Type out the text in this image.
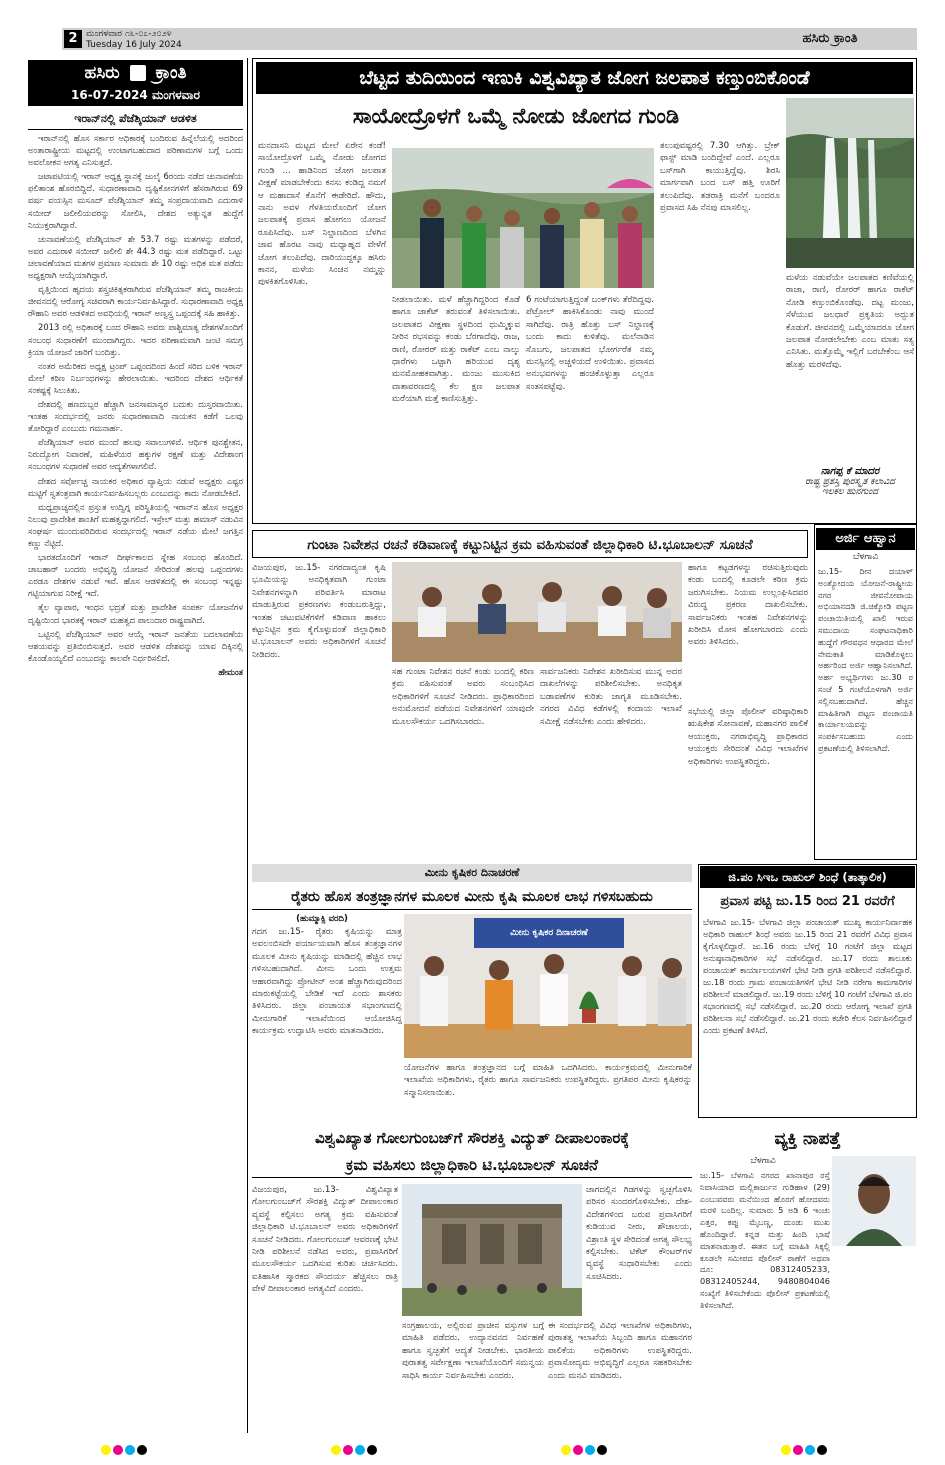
2 ಮಂಗಳವಾರ ೧೬-೦೭-೨೦೨೪
Tuesday 16 July 2024	ಹಸಿರು ಕ್ರಾಂತಿ
ಹಸಿರು ಕ್ರಾಂತಿ
16-07-2024 ಮಂಗಳವಾರ
ಇರಾನ್‌ನಲ್ಲಿ ಪೆಜೆಶ್ಕಿಯಾನ್ ಆಡಳಿತ

ಇರಾನ್‌ನಲ್ಲಿ ಹೊಸ ಸರ್ಕಾರ ಅಧಿಕಾರಕ್ಕೆ ಬಂದಿರುವ ಹಿನ್ನೆಲೆಯಲ್ಲಿ ಅದರಿಂದ ಅಂತಾರಾಷ್ಟ್ರೀಯ ಮಟ್ಟದಲ್ಲಿ ಉಂಟಾಗಬಹುದಾದ ಪರಿಣಾಮಗಳ ಬಗ್ಗೆ ಒಂದು ಅವಲೋಕನ ಅಗತ್ಯ ಎನಿಸುತ್ತದೆ.

ಜಟಾಪಟಿಯಲ್ಲಿ ಇರಾನ್ ಅಧ್ಯಕ್ಷ ಸ್ಥಾನಕ್ಕೆ ಜುಲೈ 6ರಂದು ನಡೆದ ಚುನಾವಣೆಯ ಫಲಿತಾಂಶ ಹೊರಬಿದ್ದಿದೆ. ಸುಧಾರಣಾವಾದಿ ದೃಷ್ಟಿಕೋನಗಳಿಗೆ ಹೆಸರಾಗಿರುವ 69 ವರ್ಷ ವಯಸ್ಸಿನ ಮಸೂದ್ ಪೆಜೆಶ್ಕಿಯಾನ್ ತಮ್ಮ ಸಂಪ್ರದಾಯವಾದಿ ಎದುರಾಳಿ ಸಯೀದ್ ಜಲೀಲಿಯವರನ್ನು ಸೋಲಿಸಿ, ದೇಶದ ಅತ್ಯುನ್ನತ ಹುದ್ದೆಗೆ ನಿಯುಕ್ತರಾಗಿದ್ದಾರೆ.

ಚುನಾವಣೆಯಲ್ಲಿ ಪೆಜೆಶ್ಕಿಯಾನ್ ಶೇ 53.7 ರಷ್ಟು ಮತಗಳನ್ನು ಪಡೆದರೆ, ಅವರ ಎದುರಾಳಿ ಸಯೀದ್ ಜಲೀಲಿ ಶೇ 44.3 ರಷ್ಟು ಮತ ಪಡೆದಿದ್ದಾರೆ. ಒಟ್ಟು ಚಲಾವಣೆಯಾದ ಮತಗಳ ಪ್ರಮಾಣ ಸುಮಾರು ಶೇ 10 ರಷ್ಟು ಅಧಿಕ ಮತ ಪಡೆದು ಅಧ್ಯಕ್ಷರಾಗಿ ಆಯ್ಕೆಯಾಗಿದ್ದಾರೆ.

ವೃತ್ತಿಯಿಂದ ಹೃದಯ ಶಸ್ತ್ರಚಿಕಿತ್ಸಕರಾಗಿರುವ ಪೆಜೆಶ್ಕಿಯಾನ್ ತಮ್ಮ ರಾಜಕೀಯ ಜೀವನದಲ್ಲಿ ಆರೋಗ್ಯ ಸಚಿವರಾಗಿ ಕಾರ್ಯನಿರ್ವಹಿಸಿದ್ದಾರೆ. ಸುಧಾರಣಾವಾದಿ ಅಧ್ಯಕ್ಷ ರೌಹಾನಿ ಅವರ ಆಡಳಿತದ ಅವಧಿಯಲ್ಲಿ ಇರಾನ್ ಅಣ್ವಸ್ತ್ರ ಒಪ್ಪಂದಕ್ಕೆ ಸಹಿ ಹಾಕಿತ್ತು.

2013 ರಲ್ಲಿ ಅಧಿಕಾರಕ್ಕೆ ಬಂದ ರೌಹಾನಿ ಅವರು ಪಾಶ್ಚಿಮಾತ್ಯ ದೇಶಗಳೊಂದಿಗೆ ಸಂಬಂಧ ಸುಧಾರಣೆಗೆ ಮುಂದಾಗಿದ್ದರು. ಇದರ ಪರಿಣಾಮವಾಗಿ ಜಂಟಿ ಸಮಗ್ರ ಕ್ರಿಯಾ ಯೋಜನೆ ಜಾರಿಗೆ ಬಂದಿತ್ತು.

ನಂತರ ಅಮೆರಿಕದ ಅಧ್ಯಕ್ಷ ಟ್ರಂಪ್ ಒಪ್ಪಂದದಿಂದ ಹಿಂದೆ ಸರಿದ ಬಳಿಕ ಇರಾನ್ ಮೇಲೆ ಕಠಿಣ ನಿರ್ಬಂಧಗಳನ್ನು ಹೇರಲಾಯಿತು. ಇದರಿಂದ ದೇಶದ ಆರ್ಥಿಕತೆ ಸಂಕಷ್ಟಕ್ಕೆ ಸಿಲುಕಿತು.

ದೇಶದಲ್ಲಿ ಹಣದುಬ್ಬರ ಹೆಚ್ಚಾಗಿ ಜನಸಾಮಾನ್ಯರ ಬದುಕು ದುಸ್ತರವಾಯಿತು. ಇಂತಹ ಸಂದರ್ಭದಲ್ಲಿ ಜನರು ಸುಧಾರಣಾವಾದಿ ನಾಯಕನ ಕಡೆಗೆ ಒಲವು ತೋರಿದ್ದಾರೆ ಎಂಬುದು ಗಮನಾರ್ಹ.

ಪೆಜೆಶ್ಕಿಯಾನ್ ಅವರ ಮುಂದೆ ಹಲವು ಸವಾಲುಗಳಿವೆ. ಆರ್ಥಿಕ ಪುನಶ್ಚೇತನ, ನಿರುದ್ಯೋಗ ನಿವಾರಣೆ, ಮಹಿಳೆಯರ ಹಕ್ಕುಗಳ ರಕ್ಷಣೆ ಮತ್ತು ವಿದೇಶಾಂಗ ಸಂಬಂಧಗಳ ಸುಧಾರಣೆ ಅವರ ಆದ್ಯತೆಗಳಾಗಲಿವೆ.

ದೇಶದ ಸರ್ವೋಚ್ಚ ನಾಯಕರ ಅಧಿಕಾರ ವ್ಯಾಪ್ತಿಯ ನಡುವೆ ಅಧ್ಯಕ್ಷರು ಎಷ್ಟರ ಮಟ್ಟಿಗೆ ಸ್ವತಂತ್ರವಾಗಿ ಕಾರ್ಯನಿರ್ವಹಿಸಬಲ್ಲರು ಎಂಬುದನ್ನು ಕಾದು ನೋಡಬೇಕಿದೆ.

ಮಧ್ಯಪ್ರಾಚ್ಯದಲ್ಲಿನ ಪ್ರಸ್ತುತ ಉದ್ವಿಗ್ನ ಪರಿಸ್ಥಿತಿಯಲ್ಲಿ ಇರಾನ್‌ನ ಹೊಸ ಅಧ್ಯಕ್ಷರ ನಿಲುವು ಪ್ರಾದೇಶಿಕ ಶಾಂತಿಗೆ ಮಹತ್ವದ್ದಾಗಲಿದೆ. ಇಸ್ರೇಲ್ ಮತ್ತು ಹಮಾಸ್ ನಡುವಿನ ಸಂಘರ್ಷ ಮುಂದುವರಿದಿರುವ ಸಂದರ್ಭದಲ್ಲಿ ಇರಾನ್ ನಡೆಯ ಮೇಲೆ ಜಗತ್ತಿನ ಕಣ್ಣು ನೆಟ್ಟಿದೆ.

ಭಾರತದೊಂದಿಗೆ ಇರಾನ್ ದೀರ್ಘಕಾಲದ ಸ್ನೇಹ ಸಂಬಂಧ ಹೊಂದಿದೆ. ಚಾಬಹಾರ್ ಬಂದರು ಅಭಿವೃದ್ಧಿ ಯೋಜನೆ ಸೇರಿದಂತೆ ಹಲವು ಒಪ್ಪಂದಗಳು ಎರಡೂ ದೇಶಗಳ ನಡುವೆ ಇವೆ. ಹೊಸ ಆಡಳಿತದಲ್ಲಿ ಈ ಸಂಬಂಧ ಇನ್ನಷ್ಟು ಗಟ್ಟಿಯಾಗುವ ನಿರೀಕ್ಷೆ ಇದೆ.

ತೈಲ ವ್ಯಾಪಾರ, ಇಂಧನ ಭದ್ರತೆ ಮತ್ತು ಪ್ರಾದೇಶಿಕ ಸಂಪರ್ಕ ಯೋಜನೆಗಳ ದೃಷ್ಟಿಯಿಂದ ಭಾರತಕ್ಕೆ ಇರಾನ್ ಮಹತ್ವದ ಪಾಲುದಾರ ರಾಷ್ಟ್ರವಾಗಿದೆ.

ಒಟ್ಟಿನಲ್ಲಿ ಪೆಜೆಶ್ಕಿಯಾನ್ ಅವರ ಆಯ್ಕೆ ಇರಾನ್ ಜನತೆಯ ಬದಲಾವಣೆಯ ಆಶಯವನ್ನು ಪ್ರತಿಬಿಂಬಿಸುತ್ತದೆ. ಅವರ ಆಡಳಿತ ದೇಶವನ್ನು ಯಾವ ದಿಕ್ಕಿನಲ್ಲಿ ಕೊಂಡೊಯ್ಯಲಿದೆ ಎಂಬುದನ್ನು ಕಾಲವೇ ನಿರ್ಧರಿಸಲಿದೆ.

ಹೇಮಂತ
ಬೆಟ್ಟದ ತುದಿಯಿಂದ ಇಣುಕಿ ವಿಶ್ವವಿಖ್ಯಾತ ಜೋಗ ಜಲಪಾತ ಕಣ್ತುಂಬಿಕೊಂಡೆ
ಸಾಯೋದ್ರೊಳಗೆ ಒಮ್ಮೆ ನೋಡು ಜೋಗದ ಗುಂಡಿ
ಮನದಾಸನಿ ಮಟ್ಟದ ಮೇಲೆ ಏರೇನ ಕಂಡೆ! ಸಾಯೋದ್ರೊಳಗೆ ಒಮ್ಮೆ ನೋಡು ಜೋಗದ ಗುಂಡಿ ... ಹಾಡಿನಿಂದ ಜೋಗ ಜಲಪಾತ ವೀಕ್ಷಣೆ ಮಾಡಬೇಕೆಂದು ಕನಸು ಕಂಡಿದ್ದ ನಮಗೆ ಆ ಮಹಾದಾಸೆ ಕೊನೆಗೆ ಈಡೇರಿದೆ. ಹೌದು, ನಾನು ಅವಳ ಗೆಳತಿಯರೊಂದಿಗೆ ಜೋಗ ಜಲಪಾತಕ್ಕೆ ಪ್ರವಾಸ ಹೋಗಲು ಯೋಜನೆ ರೂಪಿಸಿದೆವು. ಬಸ್ ನಿಲ್ದಾಣದಿಂದ ಬೆಳಗಿನ ಜಾವ ಹೊರಟ ನಾವು ಮಧ್ಯಾಹ್ನದ ವೇಳೆಗೆ ಜೋಗ ತಲುಪಿದೆವು. ದಾರಿಯುದ್ದಕ್ಕೂ ಹಸಿರು ಕಾನನ, ಮಳೆಯ ಸಿಂಚನ ನಮ್ಮನ್ನು ಪುಳಕಿತಗೊಳಿಸಿತು.
ನೀಡಲಾಯಿತು. ಮಳೆ ಹೆಚ್ಚಾಗಿದ್ದರಿಂದ ಕೊಡೆ ಹಾಗೂ ಜಾಕೆಟ್ ತರುವಂತೆ ತಿಳಿಸಲಾಯಿತು. ಜಲಪಾತದ ವೀಕ್ಷಣಾ ಸ್ಥಳದಿಂದ ಧುಮ್ಮಿಕ್ಕುವ ನೀರಿನ ರಭಸವನ್ನು ಕಂಡು ಬೆರಗಾದೆವು. ರಾಜ, ರಾಣಿ, ರೋರರ್ ಮತ್ತು ರಾಕೆಟ್ ಎಂಬ ನಾಲ್ಕು ಧಾರೆಗಳು ಒಟ್ಟಾಗಿ ಹರಿಯುವ ದೃಶ್ಯ ಮನಮೋಹಕವಾಗಿತ್ತು. ಮಂಜು ಮುಸುಕಿದ ವಾತಾವರಣದಲ್ಲಿ ಕೆಲ ಕ್ಷಣ ಜಲಪಾತ ಮರೆಯಾಗಿ ಮತ್ತೆ ಕಾಣಿಸುತ್ತಿತ್ತು.
6 ಗಂಟೆಯಾಗುತ್ತಿದ್ದಂತೆ ಬಂಕ್‌ಗಳು ತೆರೆದಿದ್ದವು. ಪೆಟ್ರೋಲ್ ಹಾಕಿಸಿಕೊಂಡು ನಾವು ಮುಂದೆ ಸಾಗಿದೆವು. ರಾತ್ರಿ ಹೊತ್ತು ಬಸ್ ನಿಲ್ದಾಣಕ್ಕೆ ಬಂದು ಕಾದು ಕುಳಿತೆವು. ಮಲೆನಾಡಿನ ಸೊಬಗು, ಜಲಪಾತದ ಭೋರ್ಗರೆತ ನಮ್ಮ ಮನಸ್ಸಿನಲ್ಲಿ ಅಚ್ಚಳಿಯದೆ ಉಳಿಯಿತು. ಪ್ರವಾಸದ ಅನುಭವಗಳನ್ನು ಹಂಚಿಕೊಳ್ಳುತ್ತಾ ಎಲ್ಲರೂ ಸಂತಸಪಟ್ಟೆವು.
ತಲುಪುವಷ್ಟರಲ್ಲಿ 7.30 ಆಗಿತ್ತು. ಬ್ರೇಕ್ ಫಾಸ್ಟ್ ಮಾಡಿ ಬಂದಿದ್ದೇವೆ ಎಂದೆ. ಎಲ್ಲರೂ ಬಸ್‌ಗಾಗಿ ಕಾಯುತ್ತಿದ್ದೆವು. ಶಿರಸಿ ಮಾರ್ಗವಾಗಿ ಬಂದ ಬಸ್ ಹತ್ತಿ ಊರಿಗೆ ತಲುಪಿದೆವು. ತಡರಾತ್ರಿ ಮನೆಗೆ ಬಂದರೂ ಪ್ರವಾಸದ ಸಿಹಿ ನೆನಪು ಮಾಸಲಿಲ್ಲ.
ಮಳೆಯ ನಡುವೆಯೇ ಜಲಪಾತದ ಕಣಿವೆಯಲ್ಲಿ ರಾಜಾ, ರಾಣಿ, ರೋರರ್ ಹಾಗೂ ರಾಕೆಟ್ ನೋಡಿ ಕಣ್ತುಂಬಿಕೊಂಡೆವು. ದಟ್ಟ ಮಂಜು, ಸೆಳೆಯುವ ಜಲಧಾರೆ ಪ್ರಕೃತಿಯ ಅದ್ಭುತ ಕೊಡುಗೆ. ಜೀವನದಲ್ಲಿ ಒಮ್ಮೆಯಾದರೂ ಜೋಗ ಜಲಪಾತ ನೋಡಲೇಬೇಕು ಎಂಬ ಮಾತು ಸತ್ಯ ಎನಿಸಿತು. ಮತ್ತೊಮ್ಮೆ ಇಲ್ಲಿಗೆ ಬರಬೇಕೆಂಬ ಆಸೆ ಹೊತ್ತು ಮರಳಿದೆವು.
ನಾಗಪ್ಪ ಕೆ ಮಾದರ
ರಾಷ್ಟ್ರ ಪ್ರಶಸ್ತಿ ಪುರಸ್ಕೃತ ಕಲಾವಿದ
ಇಲಕಲ ಹುನಗುಂದ
ಗುಂಟಾ ನಿವೇಶನ ರಚನೆ ಕಡಿವಾಣಕ್ಕೆ ಕಟ್ಟುನಿಟ್ಟಿನ ಕ್ರಮ ವಹಿಸುವಂತೆ ಜಿಲ್ಲಾಧಿಕಾರಿ ಟಿ.ಭೂಬಾಲನ್ ಸೂಚನೆ
ವಿಜಯಪುರ, ಜು.15- ನಗರದಾದ್ಯಂತ ಕೃಷಿ ಭೂಮಿಯನ್ನು ಅನಧಿಕೃತವಾಗಿ ಗುಂಟಾ ನಿವೇಶನಗಳನ್ನಾಗಿ ಪರಿವರ್ತಿಸಿ ಮಾರಾಟ ಮಾಡುತ್ತಿರುವ ಪ್ರಕರಣಗಳು ಕಂಡುಬರುತ್ತಿದ್ದು, ಇಂತಹ ಚಟುವಟಿಕೆಗಳಿಗೆ ಕಡಿವಾಣ ಹಾಕಲು ಕಟ್ಟುನಿಟ್ಟಿನ ಕ್ರಮ ಕೈಗೊಳ್ಳುವಂತೆ ಜಿಲ್ಲಾಧಿಕಾರಿ ಟಿ.ಭೂಬಾಲನ್ ಅವರು ಅಧಿಕಾರಿಗಳಿಗೆ ಸೂಚನೆ ನೀಡಿದರು.
ಹಾಗೂ ಕಟ್ಟಡಗಳನ್ನು ರಚಿಸುತ್ತಿರುವುದು ಕಂಡು ಬಂದಲ್ಲಿ ಕೂಡಲೇ ಕಠಿಣ ಕ್ರಮ ಜರುಗಿಸಬೇಕು. ನಿಯಮ ಉಲ್ಲಂಘಿಸಿದವರ ವಿರುದ್ಧ ಪ್ರಕರಣ ದಾಖಲಿಸಬೇಕು. ಸಾರ್ವಜನಿಕರು ಇಂತಹ ನಿವೇಶನಗಳನ್ನು ಖರೀದಿಸಿ ಮೋಸ ಹೋಗಬಾರದು ಎಂದು ಅವರು ತಿಳಿಸಿದರು.
ಸಭೆಯಲ್ಲಿ ಜಿಲ್ಲಾ ಪೊಲೀಸ್ ವರಿಷ್ಠಾಧಿಕಾರಿ ಋಷಿಕೇಶ ಸೋನಾವಣೆ, ಮಹಾನಗರ ಪಾಲಿಕೆ ಆಯುಕ್ತರು, ನಗರಾಭಿವೃದ್ಧಿ ಪ್ರಾಧಿಕಾರದ ಆಯುಕ್ತರು ಸೇರಿದಂತೆ ವಿವಿಧ ಇಲಾಖೆಗಳ ಅಧಿಕಾರಿಗಳು ಉಪಸ್ಥಿತರಿದ್ದರು.
ಸಹ ಗುಂಟಾ ನಿವೇಶನ ರಚನೆ ಕಂಡು ಬಂದಲ್ಲಿ ಕಠಿಣ ಕ್ರಮ ವಹಿಸುವಂತೆ ಅವರು ಸಂಬಂಧಿಸಿದ ಅಧಿಕಾರಿಗಳಿಗೆ ಸೂಚನೆ ನೀಡಿದರು. ಪ್ರಾಧಿಕಾರದಿಂದ ಅನುಮೋದನೆ ಪಡೆಯದ ನಿವೇಶನಗಳಿಗೆ ಯಾವುದೇ ಮೂಲಸೌಕರ್ಯ ಒದಗಿಸಬಾರದು.
ಸಾರ್ವಜನಿಕರು ನಿವೇಶನ ಖರೀದಿಸುವ ಮುನ್ನ ಅದರ ದಾಖಲೆಗಳನ್ನು ಪರಿಶೀಲಿಸಬೇಕು. ಅನಧಿಕೃತ ಬಡಾವಣೆಗಳ ಕುರಿತು ಜಾಗೃತಿ ಮೂಡಿಸಬೇಕು. ನಗರದ ವಿವಿಧ ಕಡೆಗಳಲ್ಲಿ ಕಂದಾಯ ಇಲಾಖೆ ಸಮೀಕ್ಷೆ ನಡೆಸಬೇಕು ಎಂದು ಹೇಳಿದರು.
ಅರ್ಜಿ ಆಹ್ವಾನ
ಬೆಳಗಾವಿ
ಜು.15- ದೀನ ದಯಾಳ್ ಅಂತ್ಯೋದಯ ಯೋಜನೆ-ರಾಷ್ಟ್ರೀಯ ನಗರ ಜೀವನೋಪಾಯ ಅಭಿಯಾನದಡಿ ಜಿ.ಚಿಕ್ಕೋಡಿ ಪಟ್ಟಣ ಪಂಚಾಯಿತಿಯಲ್ಲಿ ಖಾಲಿ ಇರುವ ಸಮುದಾಯ ಸಂಘಟನಾಧಿಕಾರಿ ಹುದ್ದೆಗೆ ಗೌರವಧನ ಆಧಾರದ ಮೇಲೆ ನೇಮಕಾತಿ ಮಾಡಿಕೊಳ್ಳಲು ಅರ್ಹರಿಂದ ಅರ್ಜಿ ಆಹ್ವಾನಿಸಲಾಗಿದೆ. ಅರ್ಹ ಅಭ್ಯರ್ಥಿಗಳು ಜು.30 ರ ಸಂಜೆ 5 ಗಂಟೆಯೊಳಗಾಗಿ ಅರ್ಜಿ ಸಲ್ಲಿಸಬಹುದಾಗಿದೆ. ಹೆಚ್ಚಿನ ಮಾಹಿತಿಗಾಗಿ ಪಟ್ಟಣ ಪಂಚಾಯತಿ ಕಾರ್ಯಾಲಯವನ್ನು ಸಂಪರ್ಕಿಸಬಹುದು ಎಂದು ಪ್ರಕಟಣೆಯಲ್ಲಿ ತಿಳಿಸಲಾಗಿದೆ.
ಮೀನು ಕೃಷಿಕರ ದಿನಾಚರಣೆ
ರೈತರು ಹೊಸ ತಂತ್ರಜ್ಞಾನಗಳ ಮೂಲಕ ಮೀನು ಕೃಷಿ ಮೂಲಕ ಲಾಭ ಗಳಿಸಬಹುದು
(ಹುಮ್ಮಾಕ್ಸಿ ವರದಿ)
ಗದಗ ಜು.15- ರೈತರು ಕೃಷಿಯನ್ನು ಮಾತ್ರ ಅವಲಂಬಿಸದೇ ಪರ್ಯಾಯವಾಗಿ ಹೊಸ ತಂತ್ರಜ್ಞಾನಗಳ ಮೂಲಕ ಮೀನು ಕೃಷಿಯನ್ನು ಮಾಡಿದಲ್ಲಿ ಹೆಚ್ಚಿನ ಲಾಭ ಗಳಿಸಬಹುದಾಗಿದೆ. ಮೀನು ಒಂದು ಉತ್ತಮ ಆಹಾರವಾಗಿದ್ದು ಪ್ರೋಟೀನ್ ಅಂಶ ಹೆಚ್ಚಾಗಿರುವುದರಿಂದ ಮಾರುಕಟ್ಟೆಯಲ್ಲಿ ಬೇಡಿಕೆ ಇದೆ ಎಂದು ಶಾಸಕರು ತಿಳಿಸಿದರು. ಜಿಲ್ಲಾ ಪಂಚಾಯತ ಸಭಾಂಗಣದಲ್ಲಿ ಮೀನುಗಾರಿಕೆ ಇಲಾಖೆಯಿಂದ ಆಯೋಜಿಸಿದ್ದ ಕಾರ್ಯಕ್ರಮ ಉದ್ಘಾಟಿಸಿ ಅವರು ಮಾತನಾಡಿದರು.
ಮೀನು ಕೃಷಿಕರ ದಿನಾಚರಣೆ
ಯೋಜನೆಗಳ ಹಾಗೂ ತಂತ್ರಜ್ಞಾನದ ಬಗ್ಗೆ ಮಾಹಿತಿ ಒದಗಿಸಿದರು. ಕಾರ್ಯಕ್ರಮದಲ್ಲಿ ಮೀನುಗಾರಿಕೆ ಇಲಾಖೆಯ ಅಧಿಕಾರಿಗಳು, ರೈತರು ಹಾಗೂ ಸಾರ್ವಜನಿಕರು ಉಪಸ್ಥಿತರಿದ್ದರು. ಪ್ರಗತಿಪರ ಮೀನು ಕೃಷಿಕರನ್ನು ಸನ್ಮಾನಿಸಲಾಯಿತು.
ಜಿ.ಪಂ ಸಿಇಒ ರಾಹುಲ್ ಶಿಂಧೆ (ತಾತ್ಕಾಲಿಕ)
ಪ್ರವಾಸ ಪಟ್ಟಿ ಜು.15 ರಿಂದ 21 ರವರೆಗೆ
ಬೆಳಗಾವಿ ಜು.15- ಬೆಳಗಾವಿ ಜಿಲ್ಲಾ ಪಂಚಾಯತ್ ಮುಖ್ಯ ಕಾರ್ಯನಿರ್ವಾಹಕ ಅಧಿಕಾರಿ ರಾಹುಲ್ ಶಿಂಧೆ ಅವರು ಜು.15 ರಿಂದ 21 ರವರೆಗೆ ವಿವಿಧ ಪ್ರವಾಸ ಕೈಗೊಳ್ಳಲಿದ್ದಾರೆ. ಜು.16 ರಂದು ಬೆಳಿಗ್ಗೆ 10 ಗಂಟೆಗೆ ಜಿಲ್ಲಾ ಮಟ್ಟದ ಅನುಷ್ಠಾನಾಧಿಕಾರಿಗಳ ಸಭೆ ನಡೆಸಲಿದ್ದಾರೆ. ಜು.17 ರಂದು ತಾಲೂಕು ಪಂಚಾಯತ್ ಕಾರ್ಯಾಲಯಗಳಿಗೆ ಭೇಟಿ ನೀಡಿ ಪ್ರಗತಿ ಪರಿಶೀಲನೆ ನಡೆಸಲಿದ್ದಾರೆ. ಜು.18 ರಂದು ಗ್ರಾಮ ಪಂಚಾಯತಿಗಳಿಗೆ ಭೇಟಿ ನೀಡಿ ನರೇಗಾ ಕಾಮಗಾರಿಗಳ ಪರಿಶೀಲನೆ ಮಾಡಲಿದ್ದಾರೆ. ಜು.19 ರಂದು ಬೆಳಿಗ್ಗೆ 10 ಗಂಟೆಗೆ ಬೆಳಗಾವಿ ಜಿ.ಪಂ ಸಭಾಂಗಣದಲ್ಲಿ ಸಭೆ ನಡೆಸಲಿದ್ದಾರೆ. ಜು.20 ರಂದು ಆರೋಗ್ಯ ಇಲಾಖೆ ಪ್ರಗತಿ ಪರಿಶೀಲನಾ ಸಭೆ ನಡೆಸಲಿದ್ದಾರೆ. ಜು.21 ರಂದು ಕಚೇರಿ ಕೆಲಸ ನಿರ್ವಹಿಸಲಿದ್ದಾರೆ ಎಂದು ಪ್ರಕಟಣೆ ತಿಳಿಸಿದೆ.
ವಿಶ್ವವಿಖ್ಯಾತ ಗೋಲಗುಂಬಜ್‌ಗೆ ಸೌರಶಕ್ತಿ ವಿದ್ಯುತ್ ದೀಪಾಲಂಕಾರಕ್ಕೆ
ಕ್ರಮ ವಹಿಸಲು ಜಿಲ್ಲಾಧಿಕಾರಿ ಟಿ.ಭೂಬಾಲನ್ ಸೂಚನೆ
ವಿಜಯಪುರ, ಜು.13- ವಿಶ್ವವಿಖ್ಯಾತ ಗೋಲಗುಂಬಜ್‌ಗೆ ಸೌರಶಕ್ತಿ ವಿದ್ಯುತ್ ದೀಪಾಲಂಕಾರ ವ್ಯವಸ್ಥೆ ಕಲ್ಪಿಸಲು ಅಗತ್ಯ ಕ್ರಮ ವಹಿಸುವಂತೆ ಜಿಲ್ಲಾಧಿಕಾರಿ ಟಿ.ಭೂಬಾಲನ್ ಅವರು ಅಧಿಕಾರಿಗಳಿಗೆ ಸೂಚನೆ ನೀಡಿದರು. ಗೋಲಗುಂಬಜ್ ಆವರಣಕ್ಕೆ ಭೇಟಿ ನೀಡಿ ಪರಿಶೀಲನೆ ನಡೆಸಿದ ಅವರು, ಪ್ರವಾಸಿಗರಿಗೆ ಮೂಲಸೌಕರ್ಯ ಒದಗಿಸುವ ಕುರಿತು ಚರ್ಚಿಸಿದರು. ಐತಿಹಾಸಿಕ ಸ್ಮಾರಕದ ಸೌಂದರ್ಯ ಹೆಚ್ಚಿಸಲು ರಾತ್ರಿ ವೇಳೆ ದೀಪಾಲಂಕಾರ ಅಗತ್ಯವಿದೆ ಎಂದರು.
ಜಾಗದಲ್ಲಿನ ಗಿಡಗಳನ್ನು ಸ್ವಚ್ಛಗೊಳಿಸಿ ಪರಿಸರ ಸುಂದರಗೊಳಿಸಬೇಕು. ದೇಶ-ವಿದೇಶಗಳಿಂದ ಬರುವ ಪ್ರವಾಸಿಗರಿಗೆ ಕುಡಿಯುವ ನೀರು, ಶೌಚಾಲಯ, ವಿಶ್ರಾಂತಿ ಸ್ಥಳ ಸೇರಿದಂತೆ ಅಗತ್ಯ ಸೌಲಭ್ಯ ಕಲ್ಪಿಸಬೇಕು. ಟಿಕೆಟ್ ಕೌಂಟರ್‌ಗಳ ವ್ಯವಸ್ಥೆ ಸುಧಾರಿಸಬೇಕು ಎಂದು ಸೂಚಿಸಿದರು.
ಸಂಗ್ರಹಾಲಯ, ಅಲ್ಲಿರುವ ಪ್ರಾಚೀನ ವಸ್ತುಗಳ ಬಗ್ಗೆ ಮಾಹಿತಿ ಪಡೆದರು. ಉದ್ಯಾನವನದ ನಿರ್ವಹಣೆ ಹಾಗೂ ಸ್ವಚ್ಛತೆಗೆ ಆದ್ಯತೆ ನೀಡಬೇಕು. ಭಾರತೀಯ ಪುರಾತತ್ವ ಸರ್ವೇಕ್ಷಣಾ ಇಲಾಖೆಯೊಂದಿಗೆ ಸಮನ್ವಯ ಸಾಧಿಸಿ ಕಾರ್ಯ ನಿರ್ವಹಿಸಬೇಕು ಎಂದರು.
ಈ ಸಂದರ್ಭದಲ್ಲಿ ವಿವಿಧ ಇಲಾಖೆಗಳ ಅಧಿಕಾರಿಗಳು, ಪುರಾತತ್ವ ಇಲಾಖೆಯ ಸಿಬ್ಬಂದಿ ಹಾಗೂ ಮಹಾನಗರ ಪಾಲಿಕೆಯ ಅಧಿಕಾರಿಗಳು ಉಪಸ್ಥಿತರಿದ್ದರು. ಪ್ರವಾಸೋದ್ಯಮ ಅಭಿವೃದ್ಧಿಗೆ ಎಲ್ಲರೂ ಸಹಕರಿಸಬೇಕು ಎಂದು ಮನವಿ ಮಾಡಿದರು.
ವ್ಯಕ್ತಿ ನಾಪತ್ತೆ
ಬೆಳಗಾವಿ
ಜು.15- ಬೆಳಗಾವಿ ನಗರದ ಖಾನಾಪುರ ರಸ್ತೆ ನಿವಾಸಿಯಾದ ಮಲ್ಲಿಕಾರ್ಜುನ ಗುಡಿಹಾಳ (29) ಎಂಬುವವರು ಮನೆಯಿಂದ ಹೊರಗೆ ಹೋದವರು ಮರಳಿ ಬಂದಿಲ್ಲ. ಸುಮಾರು 5 ಅಡಿ 6 ಇಂಚು ಎತ್ತರ, ಕಪ್ಪು ಮೈಬಣ್ಣ, ದುಂಡು ಮುಖ ಹೊಂದಿದ್ದಾರೆ. ಕನ್ನಡ ಮತ್ತು ಹಿಂದಿ ಭಾಷೆ ಮಾತನಾಡುತ್ತಾರೆ. ಈತನ ಬಗ್ಗೆ ಮಾಹಿತಿ ಸಿಕ್ಕಲ್ಲಿ ಕೂಡಲೇ ಸಮೀಪದ ಪೊಲೀಸ್ ಠಾಣೆಗೆ ಅಥವಾ ದೂ: 08312405233, 08312405244, 9480804046 ಸಂಖ್ಯೆಗೆ ತಿಳಿಸಬೇಕೆಂದು ಪೊಲೀಸ್ ಪ್ರಕಟಣೆಯಲ್ಲಿ ತಿಳಿಸಲಾಗಿದೆ.
